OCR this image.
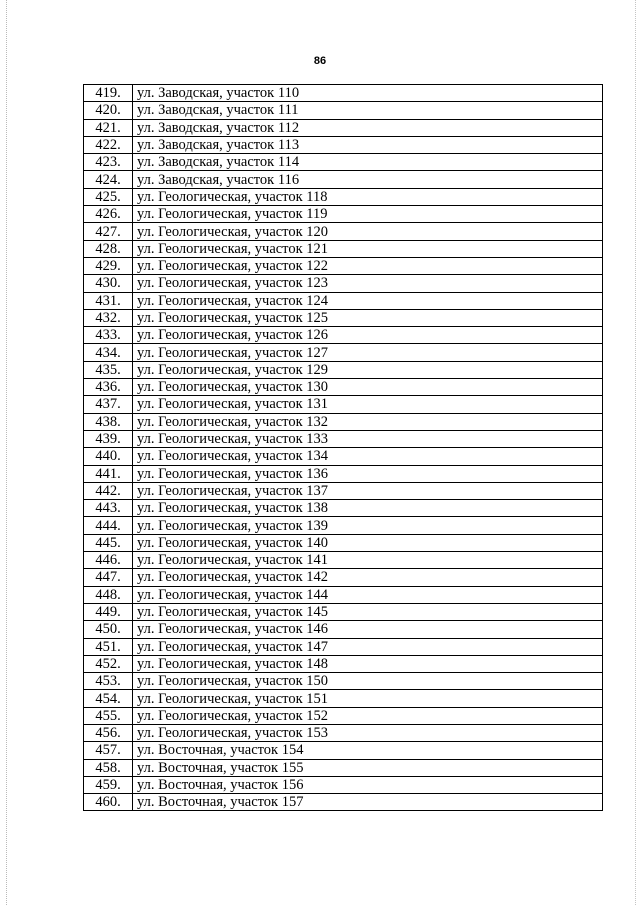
86
419.	ул. Заводская, участок 110
420.	ул. Заводская, участок 111
421.	ул. Заводская, участок 112
422.	ул. Заводская, участок 113
423.	ул. Заводская, участок 114
424.	ул. Заводская, участок 116
425.	ул. Геологическая, участок 118
426.	ул. Геологическая, участок 119
427.	ул. Геологическая, участок 120
428.	ул. Геологическая, участок 121
429.	ул. Геологическая, участок 122
430.	ул. Геологическая, участок 123
431.	ул. Геологическая, участок 124
432.	ул. Геологическая, участок 125
433.	ул. Геологическая, участок 126
434.	ул. Геологическая, участок 127
435.	ул. Геологическая, участок 129
436.	ул. Геологическая, участок 130
437.	ул. Геологическая, участок 131
438.	ул. Геологическая, участок 132
439.	ул. Геологическая, участок 133
440.	ул. Геологическая, участок 134
441.	ул. Геологическая, участок 136
442.	ул. Геологическая, участок 137
443.	ул. Геологическая, участок 138
444.	ул. Геологическая, участок 139
445.	ул. Геологическая, участок 140
446.	ул. Геологическая, участок 141
447.	ул. Геологическая, участок 142
448.	ул. Геологическая, участок 144
449.	ул. Геологическая, участок 145
450.	ул. Геологическая, участок 146
451.	ул. Геологическая, участок 147
452.	ул. Геологическая, участок 148
453.	ул. Геологическая, участок 150
454.	ул. Геологическая, участок 151
455.	ул. Геологическая, участок 152
456.	ул. Геологическая, участок 153
457.	ул. Восточная, участок 154
458.	ул. Восточная, участок 155
459.	ул. Восточная, участок 156
460.	ул. Восточная, участок 157
